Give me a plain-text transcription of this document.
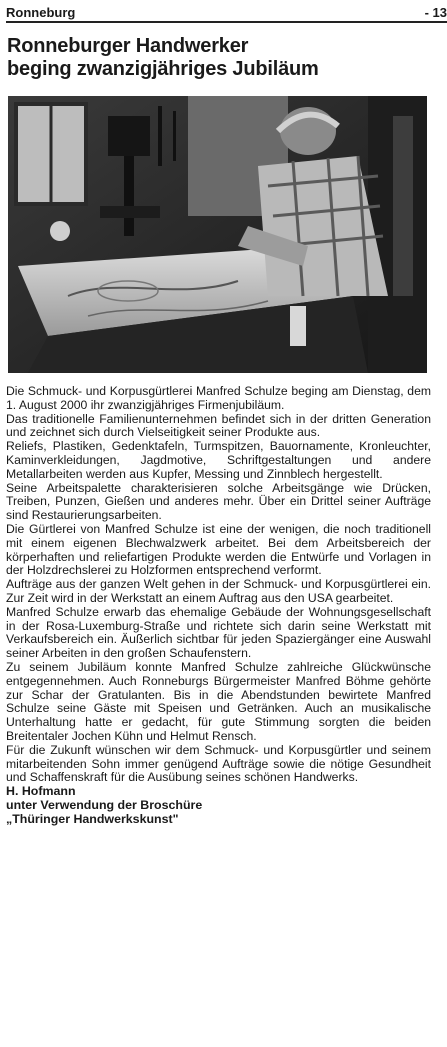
Ronneburg	- 13
Ronneburger Handwerker
beging zwanzigjähriges Jubiläum

Die Schmuck- und Korpusgürtlerei Manfred Schulze beging am Dienstag, dem 1. August 2000 ihr zwanzigjähriges Firmenjubiläum.

Das traditionelle Familienunternehmen befindet sich in der dritten Generation und zeichnet sich durch Vielseitigkeit seiner Produkte aus.

Reliefs, Plastiken, Gedenktafeln, Turmspitzen, Bauornamente, Kronleuchter, Kaminverkleidungen, Jagdmotive, Schriftgestaltungen und andere Metallarbeiten werden aus Kupfer, Messing und Zinnblech hergestellt.

Seine Arbeitspalette charakterisieren solche Arbeitsgänge wie Drücken, Treiben, Punzen, Gießen und anderes mehr. Über ein Drittel seiner Aufträge sind Restaurierungsarbeiten.

Die Gürtlerei von Manfred Schulze ist eine der wenigen, die noch traditionell mit einem eigenen Blechwalzwerk arbeitet. Bei dem Arbeitsbereich der körperhaften und reliefartigen Produkte werden die Entwürfe und Vorlagen in der Holzdrechslerei zu Holzformen entsprechend verformt.

Aufträge aus der ganzen Welt gehen in der Schmuck- und Korpusgürtlerei ein. Zur Zeit wird in der Werkstatt an einem Auftrag aus den USA gearbeitet.

Manfred Schulze erwarb das ehemalige Gebäude der Wohnungsgesellschaft in der Rosa-Luxemburg-Straße und richtete sich darin seine Werkstatt mit Verkaufsbereich ein. Äußerlich sichtbar für jeden Spaziergänger eine Auswahl seiner Arbeiten in den großen Schaufenstern.

Zu seinem Jubiläum konnte Manfred Schulze zahlreiche Glückwünsche entgegennehmen. Auch Ronneburgs Bürgermeister Manfred Böhme gehörte zur Schar der Gratulanten. Bis in die Abendstunden bewirtete Manfred Schulze seine Gäste mit Speisen und Getränken. Auch an musikalische Unterhaltung hatte er gedacht, für gute Stimmung sorgten die beiden Breitentaler Jochen Kühn und Helmut Rensch.

Für die Zukunft wünschen wir dem Schmuck- und Korpusgürtler und seinem mitarbeitenden Sohn immer genügend Aufträge sowie die nötige Gesundheit und Schaffenskraft für die Ausübung seines schönen Handwerks.

H. Hofmann

unter Verwendung der Broschüre

„Thüringer Handwerkskunst"
